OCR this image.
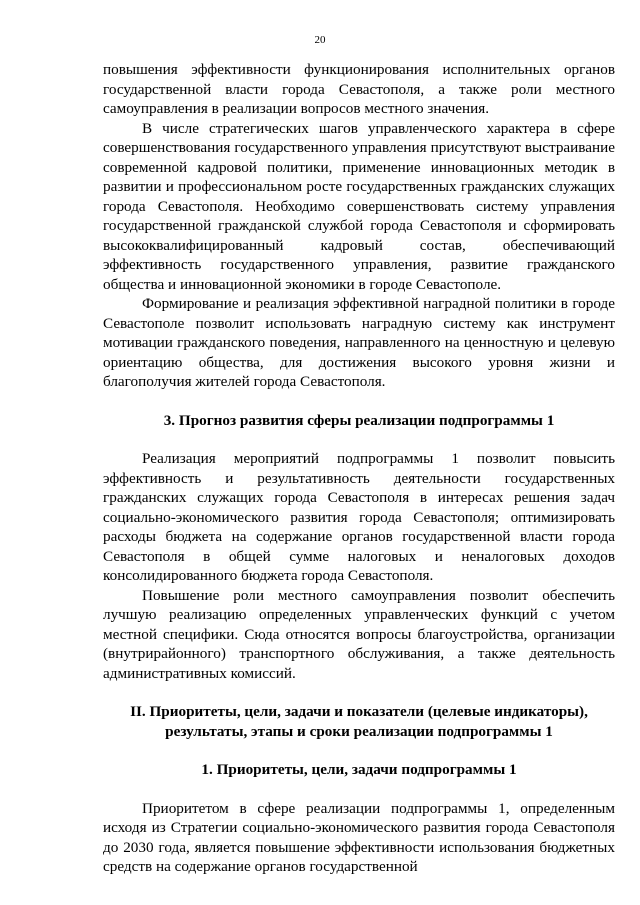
20

повышения эффективности функционирования исполнительных органов государственной власти города Севастополя, а также роли местного самоуправления в реализации вопросов местного значения.

В числе стратегических шагов управленческого характера в сфере совершенствования государственного управления присутствуют выстраивание современной кадровой политики, применение инновационных методик в развитии и профессиональном росте государственных гражданских служащих города Севастополя. Необходимо совершенствовать систему управления государственной гражданской службой города Севастополя и сформировать высококвалифицированный кадровый состав, обеспечивающий эффективность государственного управления, развитие гражданского общества и инновационной экономики в городе Севастополе.

Формирование и реализация эффективной наградной политики в городе Севастополе позволит использовать наградную систему как инструмент мотивации гражданского поведения, направленного на ценностную и целевую ориентацию общества, для достижения высокого уровня жизни и благополучия жителей города Севастополя.

3. Прогноз развития сферы реализации подпрограммы 1

Реализация мероприятий подпрограммы 1 позволит повысить эффективность и результативность деятельности государственных гражданских служащих города Севастополя в интересах решения задач социально-экономического развития города Севастополя; оптимизировать расходы бюджета на содержание органов государственной власти города Севастополя в общей сумме налоговых и неналоговых доходов консолидированного бюджета города Севастополя.

Повышение роли местного самоуправления позволит обеспечить лучшую реализацию определенных управленческих функций с учетом местной специфики. Сюда относятся вопросы благоустройства, организации (внутрирайонного) транспортного обслуживания, а также деятельность административных комиссий.

II. Приоритеты, цели, задачи и показатели (целевые индикаторы),
результаты, этапы и сроки реализации подпрограммы 1
1. Приоритеты, цели, задачи подпрограммы 1

Приоритетом в сфере реализации подпрограммы 1, определенным исходя из Стратегии социально-экономического развития города Севастополя до 2030 года, является повышение эффективности использования бюджетных средств на содержание органов государственной
